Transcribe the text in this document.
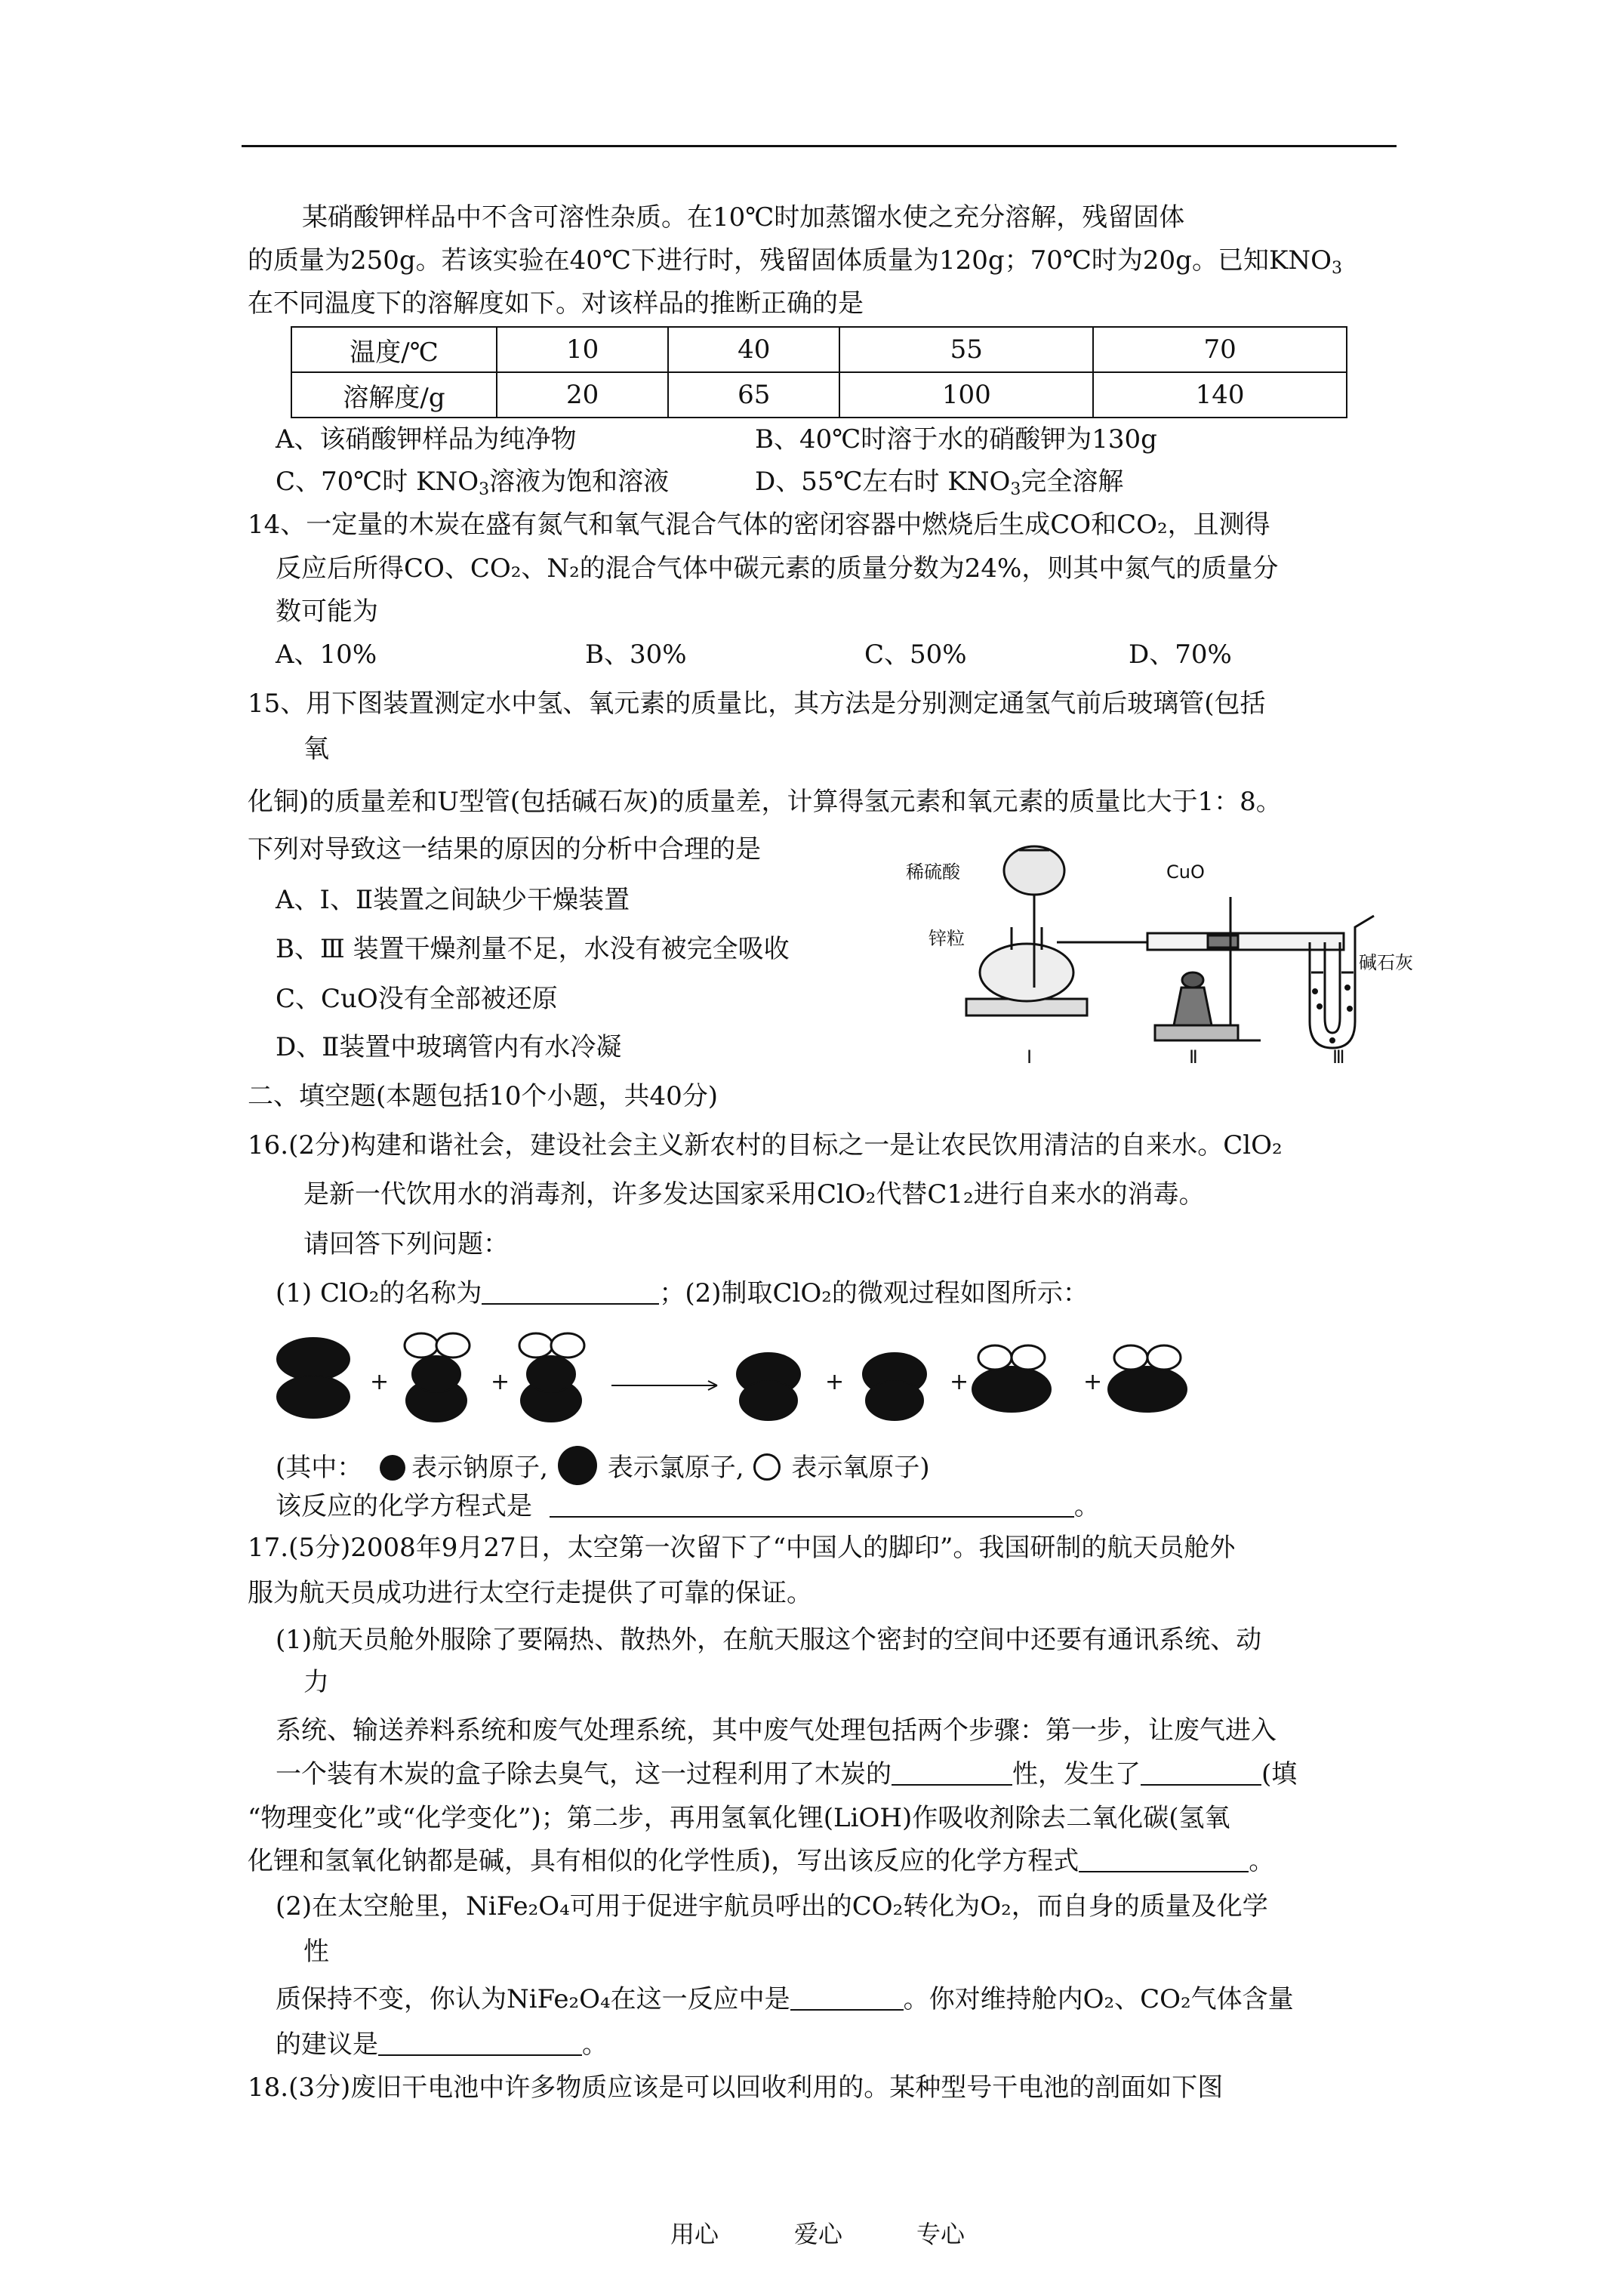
某硝酸钾样品中不含可溶性杂质。在10℃时加蒸馏水使之充分溶解，残留固体
的质量为250g。若该实验在40℃下进行时，残留固体质量为120g；70℃时为20g。已知$KNO_3$
在不同温度下的溶解度如下。对该样品的推断正确的是
温度/℃	10	40	55	70
溶解度/g	20	65	100	140
A、该硝酸钾样品为纯净物	B、40℃时溶于水的硝酸钾为130g
C、70℃时 $KNO_3$溶液为饱和溶液	D、55℃左右时 $KNO_3$完全溶解
14、一定量的木炭在盛有氮气和氧气混合气体的密闭容器中燃烧后生成CO和CO₂，且测得
反应后所得CO、CO₂、N₂的混合气体中碳元素的质量分数为24%，则其中氮气的质量分
数可能为
A、10%	B、30%	C、50%	D、70%
15、用下图装置测定水中氢、氧元素的质量比，其方法是分别测定通氢气前后玻璃管(包括
氧
化铜)的质量差和U型管(包括碱石灰)的质量差，计算得氢元素和氧元素的质量比大于1：8。
下列对导致这一结果的原因的分析中合理的是
A、I、Ⅱ装置之间缺少干燥装置
B、Ⅲ 装置干燥剂量不足，水没有被完全吸收
C、CuO没有全部被还原
D、Ⅱ装置中玻璃管内有水冷凝
稀硫酸
锌粒
CuO
碱石灰
I	Ⅱ	Ⅲ
二、填空题(本题包括10个小题，共40分)
16.(2分)构建和谐社会，建设社会主义新农村的目标之一是让农民饮用清洁的自来水。ClO₂
是新一代饮用水的消毒剂，许多发达国家采用ClO₂代替C1₂进行自来水的消毒。
请回答下列问题：
(1) ClO₂的名称为	；(2)制取ClO₂的微观过程如图所示：
+	+	+	+	+
(其中： 表示钠原子, 表示氯原子, 表示氧原子)
该反应的化学方程式是	。
17.(5分)2008年9月27日，太空第一次留下了“中国人的脚印”。我国研制的航天员舱外
服为航天员成功进行太空行走提供了可靠的保证。
(1)航天员舱外服除了要隔热、散热外，在航天服这个密封的空间中还要有通讯系统、动
力
系统、输送养料系统和废气处理系统，其中废气处理包括两个步骤：第一步，让废气进入
一个装有木炭的盒子除去臭气，这一过程利用了木炭的	性，发生了	(填
“物理变化”或“化学变化”)；第二步，再用氢氧化锂(LiOH)作吸收剂除去二氧化碳(氢氧
化锂和氢氧化钠都是碱，具有相似的化学性质)，写出该反应的化学方程式	。
(2)在太空舱里，NiFe₂O₄可用于促进宇航员呼出的CO₂转化为O₂，而自身的质量及化学
性
质保持不变，你认为NiFe₂O₄在这一反应中是	。你对维持舱内O₂、CO₂气体含量
的建议是	。
18.(3分)废旧干电池中许多物质应该是可以回收利用的。某种型号干电池的剖面如下图
用心	爱心	专心
